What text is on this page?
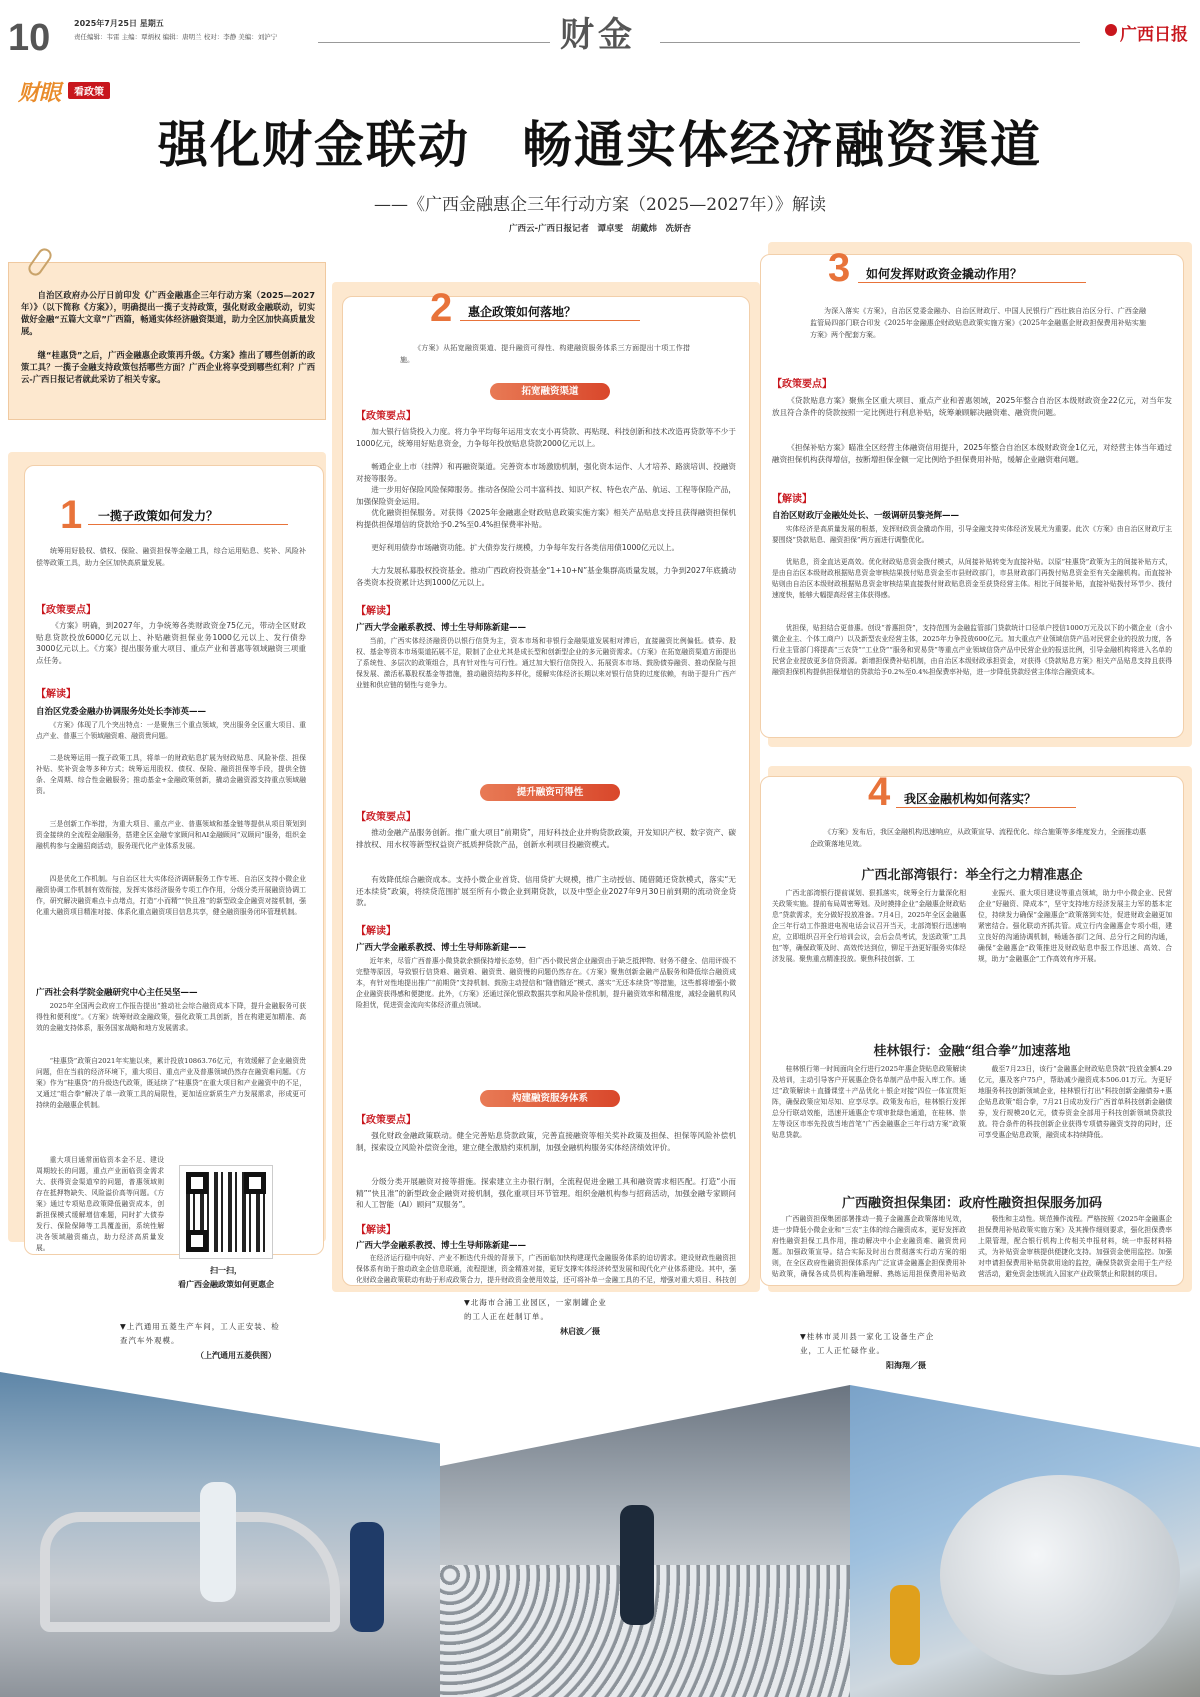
10	2025年7月25日 星期五
责任编辑：韦雷 主编：覃炳权 编辑：唐明兰 校对：李静 美编：刘沪宁	财金	广西日报
财眼	看政策
强化财金联动　畅通实体经济融资渠道
——《广西金融惠企三年行动方案（2025—2027年）》解读
广西云-广西日报记者　谭卓雯　胡戴炜　冼妍杏
自治区政府办公厅日前印发《广西金融惠企三年行动方案（2025—2027年）》（以下简称《方案》），明确提出一揽子支持政策，强化财政金融联动，切实做好金融“五篇大文章”广西篇，畅通实体经济融资渠道，助力全区加快高质量发展。
继“桂惠贷”之后，广西金融惠企政策再升级。《方案》推出了哪些创新的政策工具？一揽子金融支持政策包括哪些方面？广西企业将享受到哪些红利？广西云-广西日报记者就此采访了相关专家。
1 一揽子政策如何发力？
统筹用好股权、债权、保险、融资担保等金融工具，综合运用贴息、奖补、风险补偿等政策工具，助力全区加快高质量发展。
【政策要点】
《方案》明确，到2027年，力争统筹各类财政资金75亿元，带动全区财政贴息贷款投放6000亿元以上、补贴融资担保业务1000亿元以上、发行债券3000亿元以上。《方案》提出服务重大项目、重点产业和普惠等领域融资三项重点任务。
【解读】
自治区党委金融办协调服务处处长李沛英——
《方案》体现了几个突出特点：一是聚焦三个重点领域，突出服务全区重大项目、重点产业、普惠三个领域融资难、融资贵问题。
二是统筹运用一揽子政策工具，将单一的财政贴息扩展为财政贴息、风险补偿、担保补贴、奖补资金等多种方式；统筹运用股权、债权、保险、融资担保等手段，提供全链条、全周期、综合性金融服务；推动基金+金融政策创新，撬动金融资源支持重点领域融资。
三是创新工作举措，为重大项目、重点产业、普惠领域和基金链等提供从项目策划到资金接续的全流程金融服务，搭建全区金融专家顾问和AI金融顾问“双顾问”服务，组织金融机构参与金融招商活动，服务现代化产业体系发展。
四是优化工作机制。与自治区壮大实体经济调研服务工作专班、自治区支持小微企业融资协调工作机制有效衔接，发挥实体经济服务专项工作作用，分级分类开展融资协调工作，研究解决融资难点卡点堵点，打造“小而精”“快且准”的新型政金企融资对接机制，强化重大融资项目精准对接、体系化重点融资项目信息共享，健全融资服务闭环管理机制。
广西社会科学院金融研究中心主任吴坚——
2025年全国两会政府工作报告提出“推动社会综合融资成本下降，提升金融服务可获得性和便利度”。《方案》统筹财政金融政策，强化政策工具创新，旨在构建更加精准、高效的金融支持体系，服务国家战略和地方发展需求。
“桂惠贷”政策自2021年实施以来，累计投放10863.76亿元，有效缓解了企业融资贵问题，但在当前的经济环境下，重大项目、重点产业及普惠领域仍然存在融资难问题。《方案》作为“桂惠贷”的升级迭代政策，既延续了“桂惠贷”在重大项目和产业融资中的不足，又通过“组合拳”解决了单一政策工具的局限性，更加适应新质生产力发展需求，形成更可持续的金融惠企机制。
重大项目通常面临资本金不足、建设周期较长的问题，重点产业面临资金需求大、获得资金渠道窄的问题，普惠领域则存在抵押物缺失、风险溢价高等问题。《方案》通过专项贴息政策降低融资成本，创新担保模式缓解增信难题，同时扩大债券发行、保险保障等工具覆盖面，系统性解决各领域融资痛点，助力经济高质量发展。
扫一扫，
看广西金融政策如何更惠企
2 惠企政策如何落地？
《方案》从拓宽融资渠道、提升融资可得性、构建融资服务体系三方面提出十项工作措施。
拓宽融资渠道
【政策要点】
加大银行信贷投入力度。将力争平均每年运用支农支小再贷款、再贴现、科技创新和技术改造再贷款等不少于1000亿元，统筹用好贴息资金，力争每年投放贴息贷款2000亿元以上。
畅通企业上市（挂牌）和再融资渠道。完善资本市场激励机制，强化资本运作、人才培养、路演培训、投融资对接等服务。
进一步用好保险风险保障服务。推动各保险公司丰富科技、知识产权、特色农产品、航运、工程等保险产品，加强保险资金运用。
优化融资担保服务。对获得《2025年金融惠企财政贴息政策实施方案》相关产品贴息支持且获得融资担保机构提供担保增信的贷款给予0.2%至0.4%担保费率补贴。
更好利用债券市场融资功能。扩大债券发行规模，力争每年发行各类信用债1000亿元以上。
大力发展私募股权投资基金。推动广西政府投资基金“1+10+N”基金集群高质量发展，力争到2027年底撬动各类资本投资累计达到1000亿元以上。
【解读】
广西大学金融系教授、博士生导师陈新建——
当前，广西实体经济融资仍以银行信贷为主，资本市场和非银行金融渠道发展相对滞后，直接融资比例偏低。债券、股权、基金等资本市场渠道拓展不足，限制了企业尤其是成长型和创新型企业的多元融资需求。《方案》在拓宽融资渠道方面提出了系统性、多层次的政策组合，具有针对性与可行性。通过加大银行信贷投入、拓展资本市场、鼓励债券融资、推动保险与担保发展、激活私募股权基金等措施，推动融资结构多样化，缓解实体经济长期以来对银行信贷的过度依赖，有助于提升广西产业链和供应链的韧性与竞争力。
提升融资可得性
【政策要点】
推动金融产品服务创新。推广重大项目“前期贷”，用好科技企业并购贷款政策，开发知识产权、数字资产、碳排放权、用水权等新型权益资产抵质押贷款产品，创新水利项目投融资模式。
有效降低综合融资成本。支持小微企业首贷、信用贷扩大规模，推广主动授信、随借随还贷款模式，落实“无还本续贷”政策，将续贷范围扩展至所有小微企业到期贷款，以及中型企业2027年9月30日前到期的流动资金贷款。
【解读】
广西大学金融系教授、博士生导师陈新建——
近年来，尽管广西普惠小微贷款余额保持增长态势，但广西小微民营企业融资由于缺乏抵押物、财务不健全、信用评级不完整等原因，导致银行信贷难、融资难、融资贵、融资慢的问题仍然存在。《方案》聚焦创新金融产品服务和降低综合融资成本，有针对性地提出推广“前期贷”支持机制、鼓励主动授信和“随借随还”模式、落实“无还本续贷”等措施，这些都将增强小微企业融资获得感和便捷度。此外，《方案》还通过深化银政数据共享和风险补偿机制，提升融资效率和精准度，减轻金融机构风险担忧，促进资金流向实体经济重点领域。
构建融资服务体系
【政策要点】
强化财政金融政策联动。健全完善贴息贷款政策，完善直接融资等相关奖补政策及担保、担保等风险补偿机制，探索设立风险补偿资金池，建立健全激励约束机制，加强金融机构服务实体经济绩效评价。
分级分类开展融资对接等措施。探索建立主办银行制，全流程促进金融工具和融资需求相匹配。打造“小而精”“快且准”的新型政金企融资对接机制，强化重项目环节管理。组织金融机构参与招商活动，加强金融专家顾问和人工智能（AI）顾问“双服务”。
【解读】
广西大学金融系教授、博士生导师陈新建——
在经济运行稳中向好、产业不断迭代升级的背景下，广西面临加快构建现代金融服务体系的迫切需求。建设财政性融资担保体系有助于推动政金企信息联通，流程提速，资金精准对接，更好支撑实体经济转型发展和现代化产业体系建设。其中，强化财政金融政策联动有助于形成政策合力，提升财政资金使用效益，还可将补单一金融工具的不足，增强对重大项目、科技创
3 如何发挥财政资金撬动作用？
为深入落实《方案》，自治区党委金融办、自治区财政厅、中国人民银行广西壮族自治区分行、广西金融监管局四部门联合印发《2025年金融惠企财政贴息政策实施方案》《2025年金融惠企财政担保费用补贴实施方案》两个配套方案。
【政策要点】
《贷款贴息方案》聚焦全区重大项目、重点产业和普惠领域，2025年整合自治区本级财政资金22亿元，对当年发放且符合条件的贷款按照一定比例进行利息补贴，统筹兼顾解决融资难、融资贵问题。
《担保补贴方案》瞄准全区经营主体融资信用提升，2025年整合自治区本级财政资金1亿元，对经营主体当年通过融资担保机构获得增信，按断增担保金额一定比例给予担保费用补贴，缓解企业融资难问题。
【解读】
自治区财政厅金融处处长、一级调研员黎尧辉——
实体经济是高质量发展的根基，发挥财政资金撬动作用，引导金融支持实体经济发展尤为重要。此次《方案》由自治区财政厅主要围绕“贷款贴息、融资担保”两方面进行调整优化。
优贴息，资金直达更高效。优化财政贴息资金拨付模式，从间接补贴转变为直接补贴。以原“桂惠贷”政策为主的间接补贴方式，是由自治区本级财政根据贴息资金审核结果拨付贴息资金至市县财政部门，市县财政部门再拨付贴息资金至有关金融机构。而直接补贴则由自治区本级财政根据贴息资金审核结果直接拨付财政贴息资金至获贷经营主体。相比于间接补贴，直接补贴拨付环节少、拨付速度快，能够大幅提高经营主体获得感。
优担保，贴担结合更普惠。创设“普惠担贷”，支持范围为金融监管部门贷款统计口径单户授信1000万元及以下的小微企业（含小微企业主、个体工商户）以及新型农业经营主体，2025年力争投放600亿元。加大重点产业领域信贷产品对民营企业的投放力度，各行业主管部门将提高“三农贷”“工业贷”“服务和贸易贷”等重点产业领域信贷产品中民营企业的报送比例，引导金融机构将进入名单的民营企业授放更多信贷资源。新增担保费补贴机制，由自治区本级财政承担资金，对获得《贷款贴息方案》相关产品贴息支持且获得融资担保机构提供担保增信的贷款给予0.2%至0.4%担保费率补贴，进一步降低贷款经营主体综合融资成本。
4 我区金融机构如何落实？
《方案》发布后，我区金融机构迅速响应，从政策宣导、流程优化、综合施策等多维度发力，全面推动惠企政策落地见效。
广西北部湾银行：举全行之力精准惠企
广西北部湾银行提前谋划、狠抓落实，统筹全行力量深化相关政策实施。提前布局周密筹划。及时摸排企业“金融惠企财政贴息”贷款需求，充分做好投放准备。7月4日，2025年全区金融惠企三年行动工作推进电视电话会议召开当天，北部湾银行迅速响应，立即组织召开全行培训会议，会后会员考试，发送政策“工具包”等，确保政策及时、高效传达到位，铆足干劲更好服务实体经济发展。聚焦重点精准投放。聚焦科技创新、工
业振兴、重大项目建设等重点领域，助力中小微企业、民营企业“好融资、降成本”，坚守支持地方经济发展主力军的基本定位，持续发力确保“金融惠企”政策落到实处，促进财政金融更加紧密结合。强化联动齐抓共管。成立行内金融惠企专项小组，建立良好的沟通协调机制，畅通各部门之间、总分行之间的沟通，确保“金融惠企”政策推进及财政贴息申报工作迅速、高效、合规，助力“金融惠企”工作高效有序开展。
桂林银行：金融“组合拳”加速落地
桂林银行第一时间面向全行进行2025年惠企贷贴息政策解读及培训，主动引导客户开展惠企贷名单制产品申报入库工作。通过“政策解读＋直播课堂＋产品优化＋银企对接”四位一体宣贯矩阵，确保政策应知尽知、应享尽享。政策发布后，桂林银行发挥总分行联动效能，迅速开通惠企专项审批绿色通道，在桂林、崇左等设区市率先投放当地首笔“广西金融惠企三年行动方案”政策贴息贷款。
截至7月23日，该行“金融惠企财政贴息贷款”投放金额4.29亿元，惠及客户75户，帮助减少融资成本506.01万元。为更好地服务科技创新领域企业，桂林银行打出“科技创新金融债券+惠企贴息政策”组合拳，7月21日成功发行广西首单科技创新金融债券，发行规模20亿元，债券资金全部用于科技创新领域贷款投放。符合条件的科技创新企业获得专项债券融资支持的同时，还可享受惠企贴息政策，融资成本持续降低。
广西融资担保集团：政府性融资担保服务加码
广西融资担保集团部署推动一揽子金融惠企政策落地见效，进一步降低小微企业和“三农”主体的综合融资成本，更好发挥政府性融资担保工具作用，推动解决中小企业融资难、融资贵问题。加强政策宣导。结合实际及时出台贯彻落实行动方案的细则，在全区政府性融资担保体系内广泛宣讲金融惠企担保费用补贴政策，确保各成员机构准确理解、熟练运用担保费用补贴政
极性和主动性。规范操作流程。严格按照《2025年金融惠企担保费用补贴政策实施方案》及其操作细则要求，强化担保费率上限管理，配合银行机构上传相关申报材料，统一申报材料格式，为补贴资金审核提供便捷化支持。加强资金使用监控。加强对申请担保费用补贴贷款用途的监控，确保贷款资金用于生产经营活动，避免资金违规流入国家产业政策禁止和限制的项目。
▼上汽通用五菱生产车间，工人正安装、检查汽车外观模。
（上汽通用五菱供图）
▼北海市合浦工业园区，一家制罐企业的工人正在赶制订单。
林启波／摄
▼桂林市灵川县一家化工设备生产企业，工人正忙碌作业。
阳海翔／摄
